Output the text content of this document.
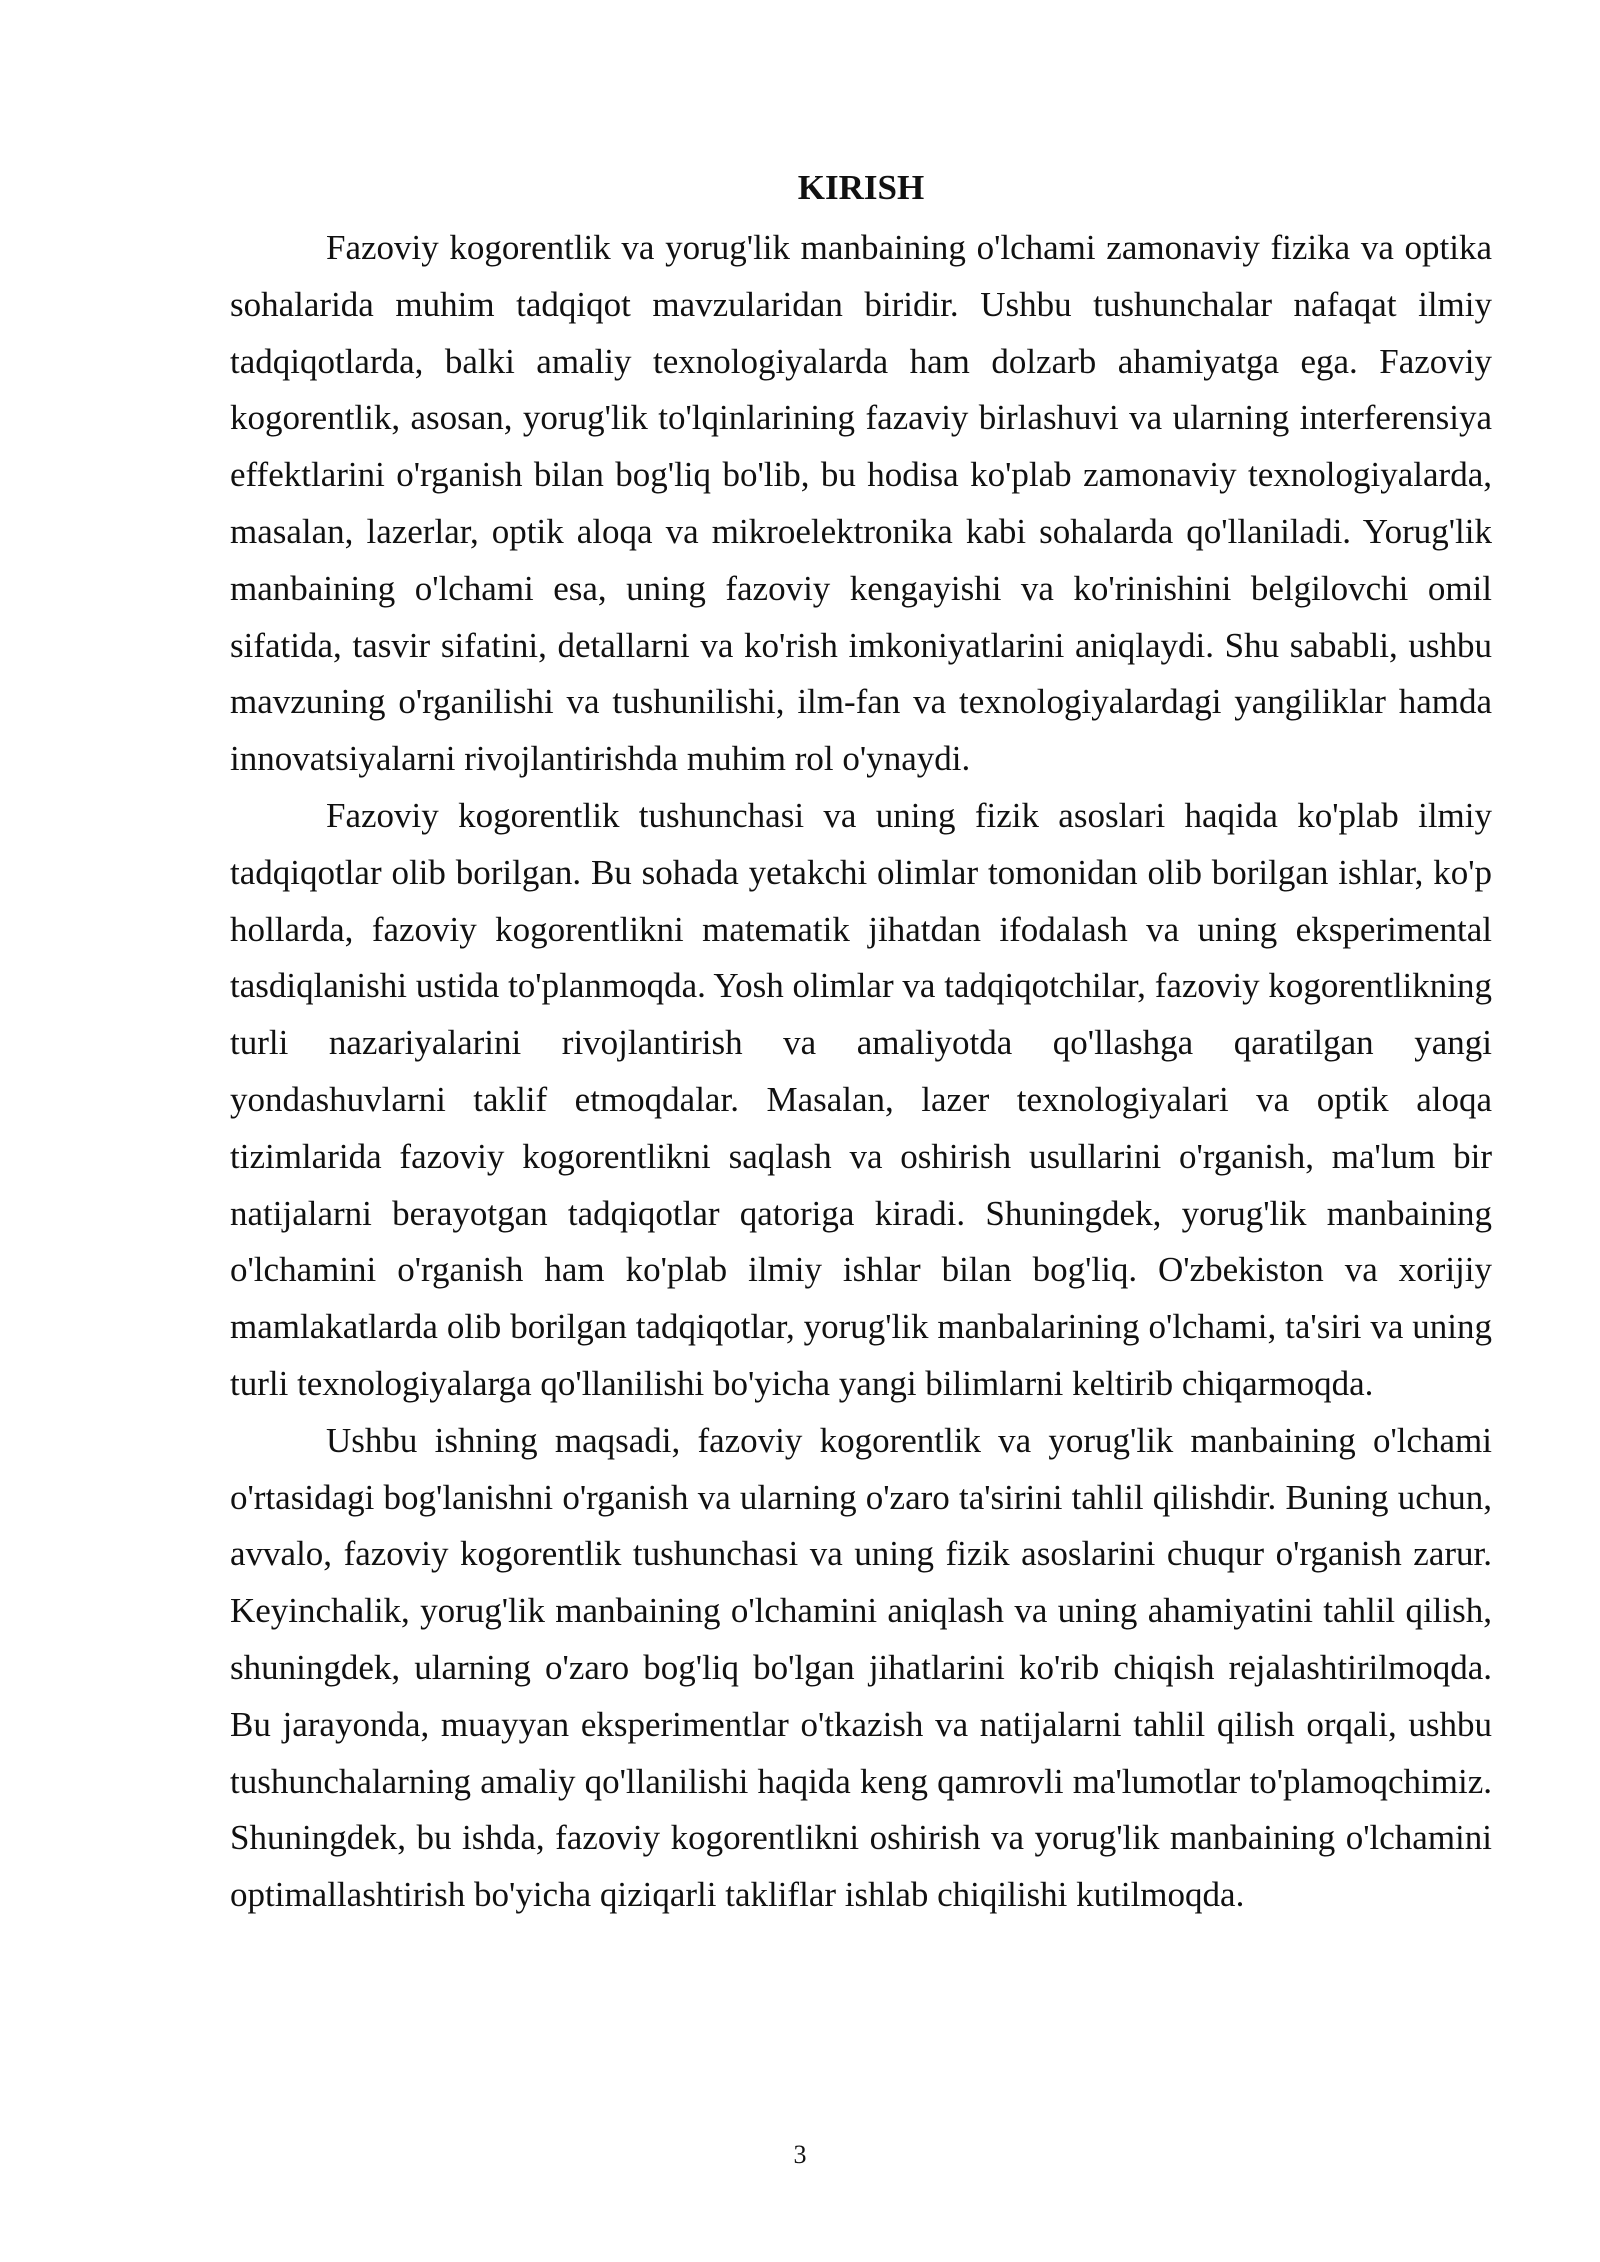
KIRISH

Fazoviy kogorentlik va yorug'lik manbaining o'lchami zamonaviy fizika va optika sohalarida muhim tadqiqot mavzularidan biridir. Ushbu tushunchalar nafaqat ilmiy tadqiqotlarda, balki amaliy texnologiyalarda ham dolzarb ahamiyatga ega. Fazoviy kogorentlik, asosan, yorug'lik to'lqinlarining fazaviy birlashuvi va ularning interferensiya effektlarini o'rganish bilan bog'liq bo'lib, bu hodisa ko'plab zamonaviy texnologiyalarda, masalan, lazerlar, optik aloqa va mikroelektronika kabi sohalarda qo'llaniladi. Yorug'lik manbaining o'lchami esa, uning fazoviy kengayishi va ko'rinishini belgilovchi omil sifatida, tasvir sifatini, detallarni va ko'rish imkoniyatlarini aniqlaydi. Shu sababli, ushbu mavzuning o'rganilishi va tushunilishi, ilm-fan va texnologiyalardagi yangiliklar hamda innovatsiyalarni rivojlantirishda muhim rol o'ynaydi.

Fazoviy kogorentlik tushunchasi va uning fizik asoslari haqida ko'plab ilmiy tadqiqotlar olib borilgan. Bu sohada yetakchi olimlar tomonidan olib borilgan ishlar, ko'p hollarda, fazoviy kogorentlikni matematik jihatdan ifodalash va uning eksperimental tasdiqlanishi ustida to'planmoqda. Yosh olimlar va tadqiqotchilar, fazoviy kogorentlikning turli nazariyalarini rivojlantirish va amaliyotda qo'llashga qaratilgan yangi yondashuvlarni taklif etmoqdalar. Masalan, lazer texnologiyalari va optik aloqa tizimlarida fazoviy kogorentlikni saqlash va oshirish usullarini o'rganish, ma'lum bir natijalarni berayotgan tadqiqotlar qatoriga kiradi. Shuningdek, yorug'lik manbaining o'lchamini o'rganish ham ko'plab ilmiy ishlar bilan bog'liq. O'zbekiston va xorijiy mamlakatlarda olib borilgan tadqiqotlar, yorug'lik manbalarining o'lchami, ta'siri va uning turli texnologiyalarga qo'llanilishi bo'yicha yangi bilimlarni keltirib chiqarmoqda.

Ushbu ishning maqsadi, fazoviy kogorentlik va yorug'lik manbaining o'lchami o'rtasidagi bog'lanishni o'rganish va ularning o'zaro ta'sirini tahlil qilishdir. Buning uchun, avvalo, fazoviy kogorentlik tushunchasi va uning fizik asoslarini chuqur o'rganish zarur. Keyinchalik, yorug'lik manbaining o'lchamini aniqlash va uning ahamiyatini tahlil qilish, shuningdek, ularning o'zaro bog'liq bo'lgan jihatlarini ko'rib chiqish rejalashtirilmoqda. Bu jarayonda, muayyan eksperimentlar o'tkazish va natijalarni tahlil qilish orqali, ushbu tushunchalarning amaliy qo'llanilishi haqida keng qamrovli ma'lumotlar to'plamoqchimiz. Shuningdek, bu ishda, fazoviy kogorentlikni oshirish va yorug'lik manbaining o'lchamini optimallashtirish bo'yicha qiziqarli takliflar ishlab chiqilishi kutilmoqda.

3
